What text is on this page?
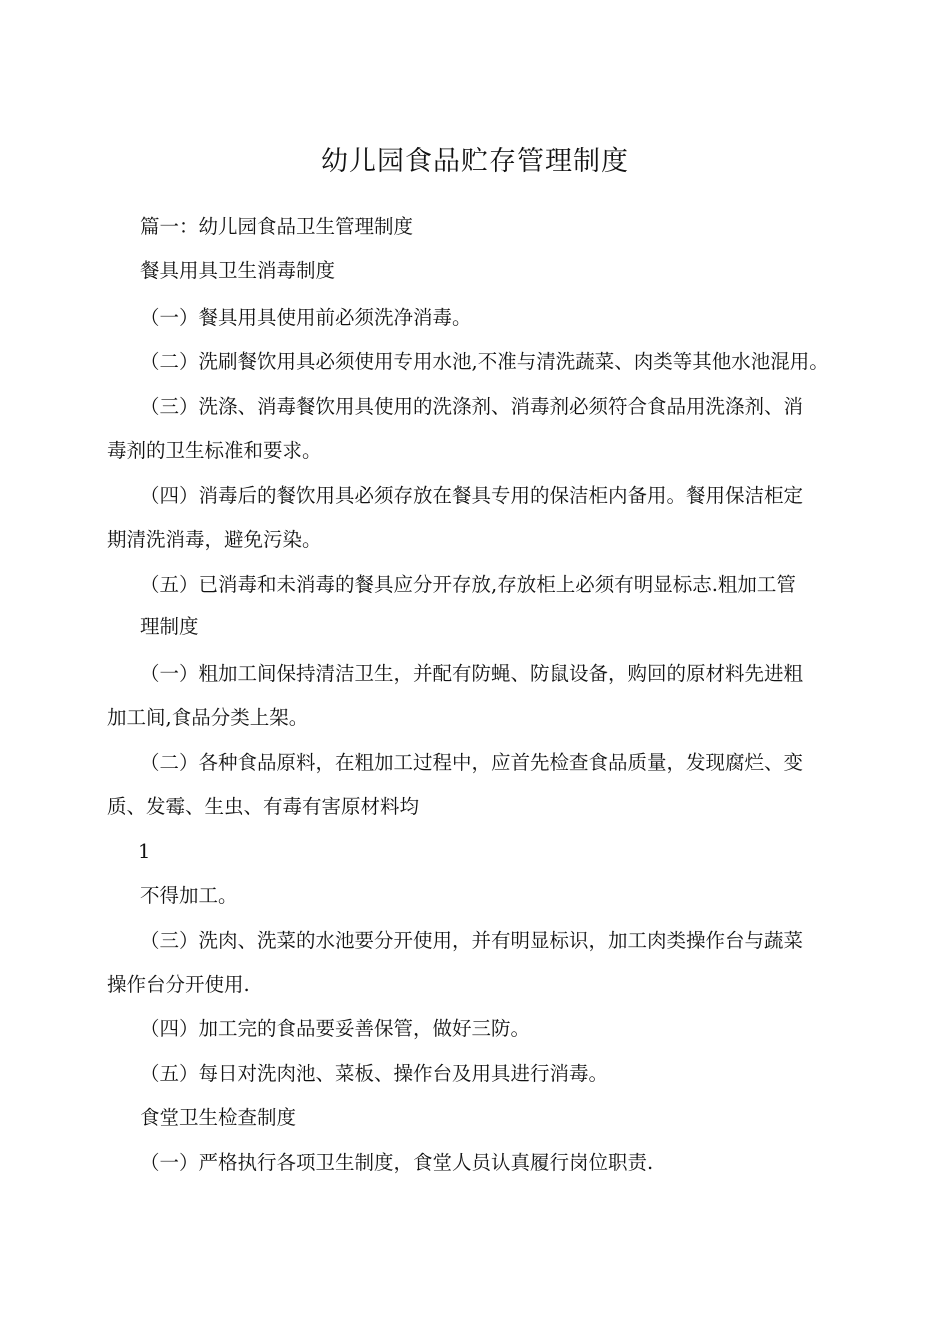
幼儿园食品贮存管理制度
篇一：幼儿园食品卫生管理制度
餐具用具卫生消毒制度
（一）餐具用具使用前必须洗净消毒。
（二）洗刷餐饮用具必须使用专用水池,不准与清洗蔬菜、肉类等其他水池混用。
（三）洗涤、消毒餐饮用具使用的洗涤剂、消毒剂必须符合食品用洗涤剂、消
毒剂的卫生标准和要求。
（四）消毒后的餐饮用具必须存放在餐具专用的保洁柜内备用。餐用保洁柜定
期清洗消毒，避免污染。
（五）已消毒和未消毒的餐具应分开存放,存放柜上必须有明显标志.粗加工管
理制度
（一）粗加工间保持清洁卫生，并配有防蝇、防鼠设备，购回的原材料先进粗
加工间,食品分类上架。
（二）各种食品原料，在粗加工过程中，应首先检查食品质量，发现腐烂、变
质、发霉、生虫、有毒有害原材料均
1
不得加工。
（三）洗肉、洗菜的水池要分开使用，并有明显标识，加工肉类操作台与蔬菜
操作台分开使用.
（四）加工完的食品要妥善保管，做好三防。
（五）每日对洗肉池、菜板、操作台及用具进行消毒。
食堂卫生检查制度
（一）严格执行各项卫生制度，食堂人员认真履行岗位职责.
